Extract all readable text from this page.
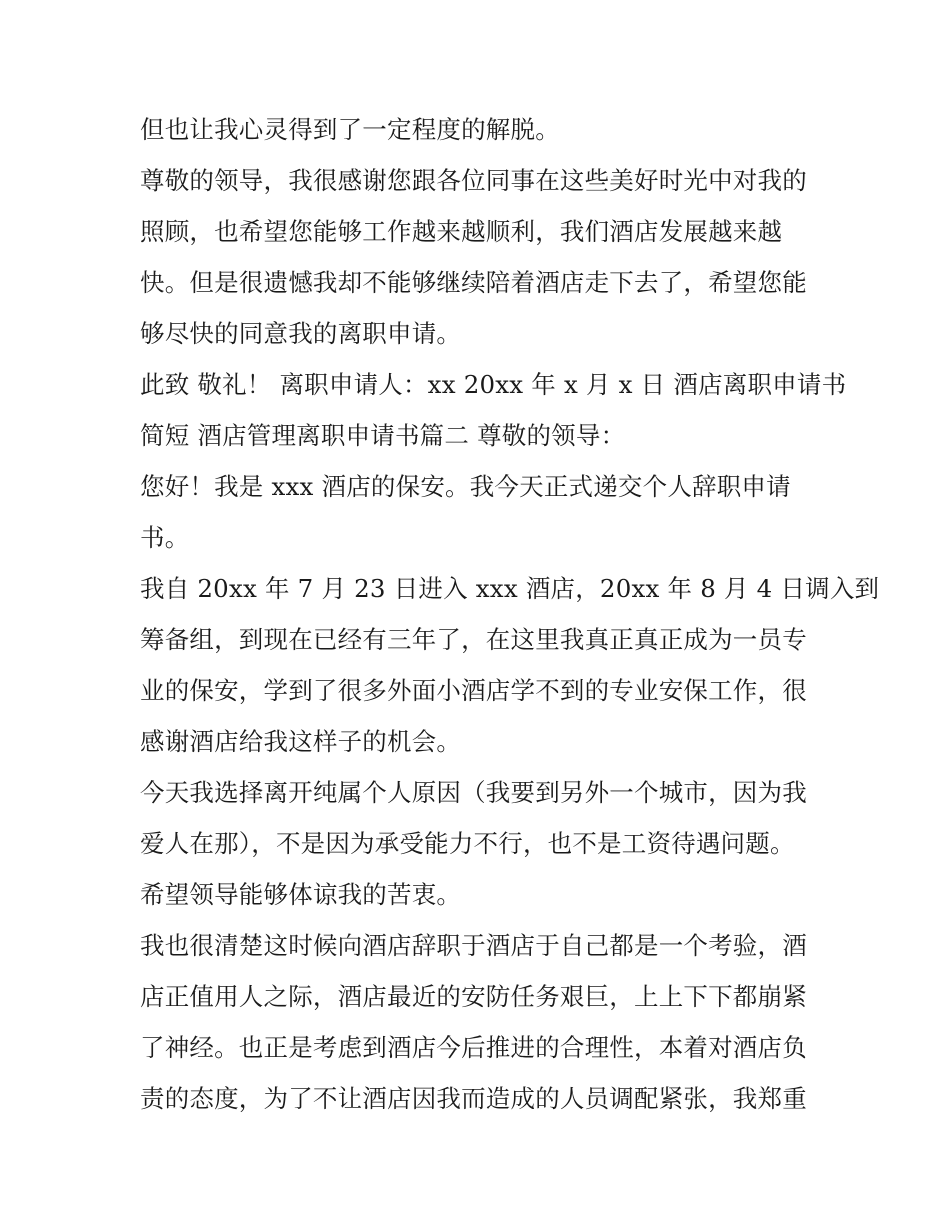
但也让我心灵得到了一定程度的解脱。
尊敬的领导，我很感谢您跟各位同事在这些美好时光中对我的
照顾，也希望您能够工作越来越顺利，我们酒店发展越来越
快。但是很遗憾我却不能够继续陪着酒店走下去了，希望您能
够尽快的同意我的离职申请。
此致 敬礼！ 离职申请人：xx 20xx 年 x 月 x 日 酒店离职申请书
简短 酒店管理离职申请书篇二 尊敬的领导：
您好！我是 xxx 酒店的保安。我今天正式递交个人辞职申请
书。
我自 20xx 年 7 月 23 日进入 xxx 酒店，20xx 年 8 月 4 日调入到
筹备组，到现在已经有三年了，在这里我真正真正成为一员专
业的保安，学到了很多外面小酒店学不到的专业安保工作，很
感谢酒店给我这样子的机会。
今天我选择离开纯属个人原因（我要到另外一个城市，因为我
爱人在那），不是因为承受能力不行，也不是工资待遇问题。
希望领导能够体谅我的苦衷。
我也很清楚这时候向酒店辞职于酒店于自己都是一个考验，酒
店正值用人之际，酒店最近的安防任务艰巨，上上下下都崩紧
了神经。也正是考虑到酒店今后推进的合理性，本着对酒店负
责的态度，为了不让酒店因我而造成的人员调配紧张，我郑重
